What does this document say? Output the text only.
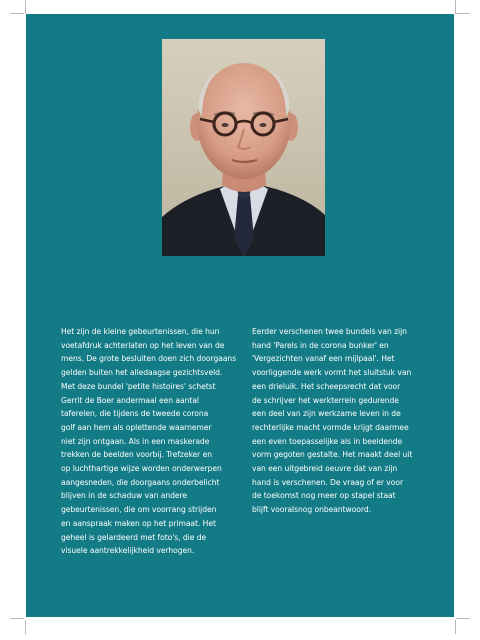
Het zijn de kleine gebeurtenissen, die hun
voetafdruk achterlaten op het leven van de
mens. De grote besluiten doen zich doorgaans
gelden buiten het alledaagse gezichtsveld.
Met deze bundel 'petite histoires' schetst
Gerrit de Boer andermaal een aantal
taferelen, die tijdens de tweede corona
golf aan hem als oplettende waarnemer
niet zijn ontgaan. Als in een maskerade
trekken de beelden voorbij. Trefzeker en
op luchthartige wijze worden onderwerpen
aangesneden, die doorgaans onderbelicht
blijven in de schaduw van andere
gebeurtenissen, die om voorrang strijden
en aanspraak maken op het primaat. Het
geheel is gelardeerd met foto's, die de
visuele aantrekkelijkheid verhogen.
Eerder verschenen twee bundels van zijn
hand 'Parels in de corona bunker' en
'Vergezichten vanaf een mijlpaal'. Het
voorliggende werk vormt het sluitstuk van
een drieluik. Het scheepsrecht dat voor
de schrijver het werkterrein gedurende
een deel van zijn werkzame leven in de
rechterlijke macht vormde krijgt daarmee
een even toepasselijke als in beeldende
vorm gegoten gestalte. Het maakt deel uit
van een uitgebreid oeuvre dat van zijn
hand is verschenen. De vraag of er voor
de toekomst nog meer op stapel staat
blijft vooralsnog onbeantwoord.
